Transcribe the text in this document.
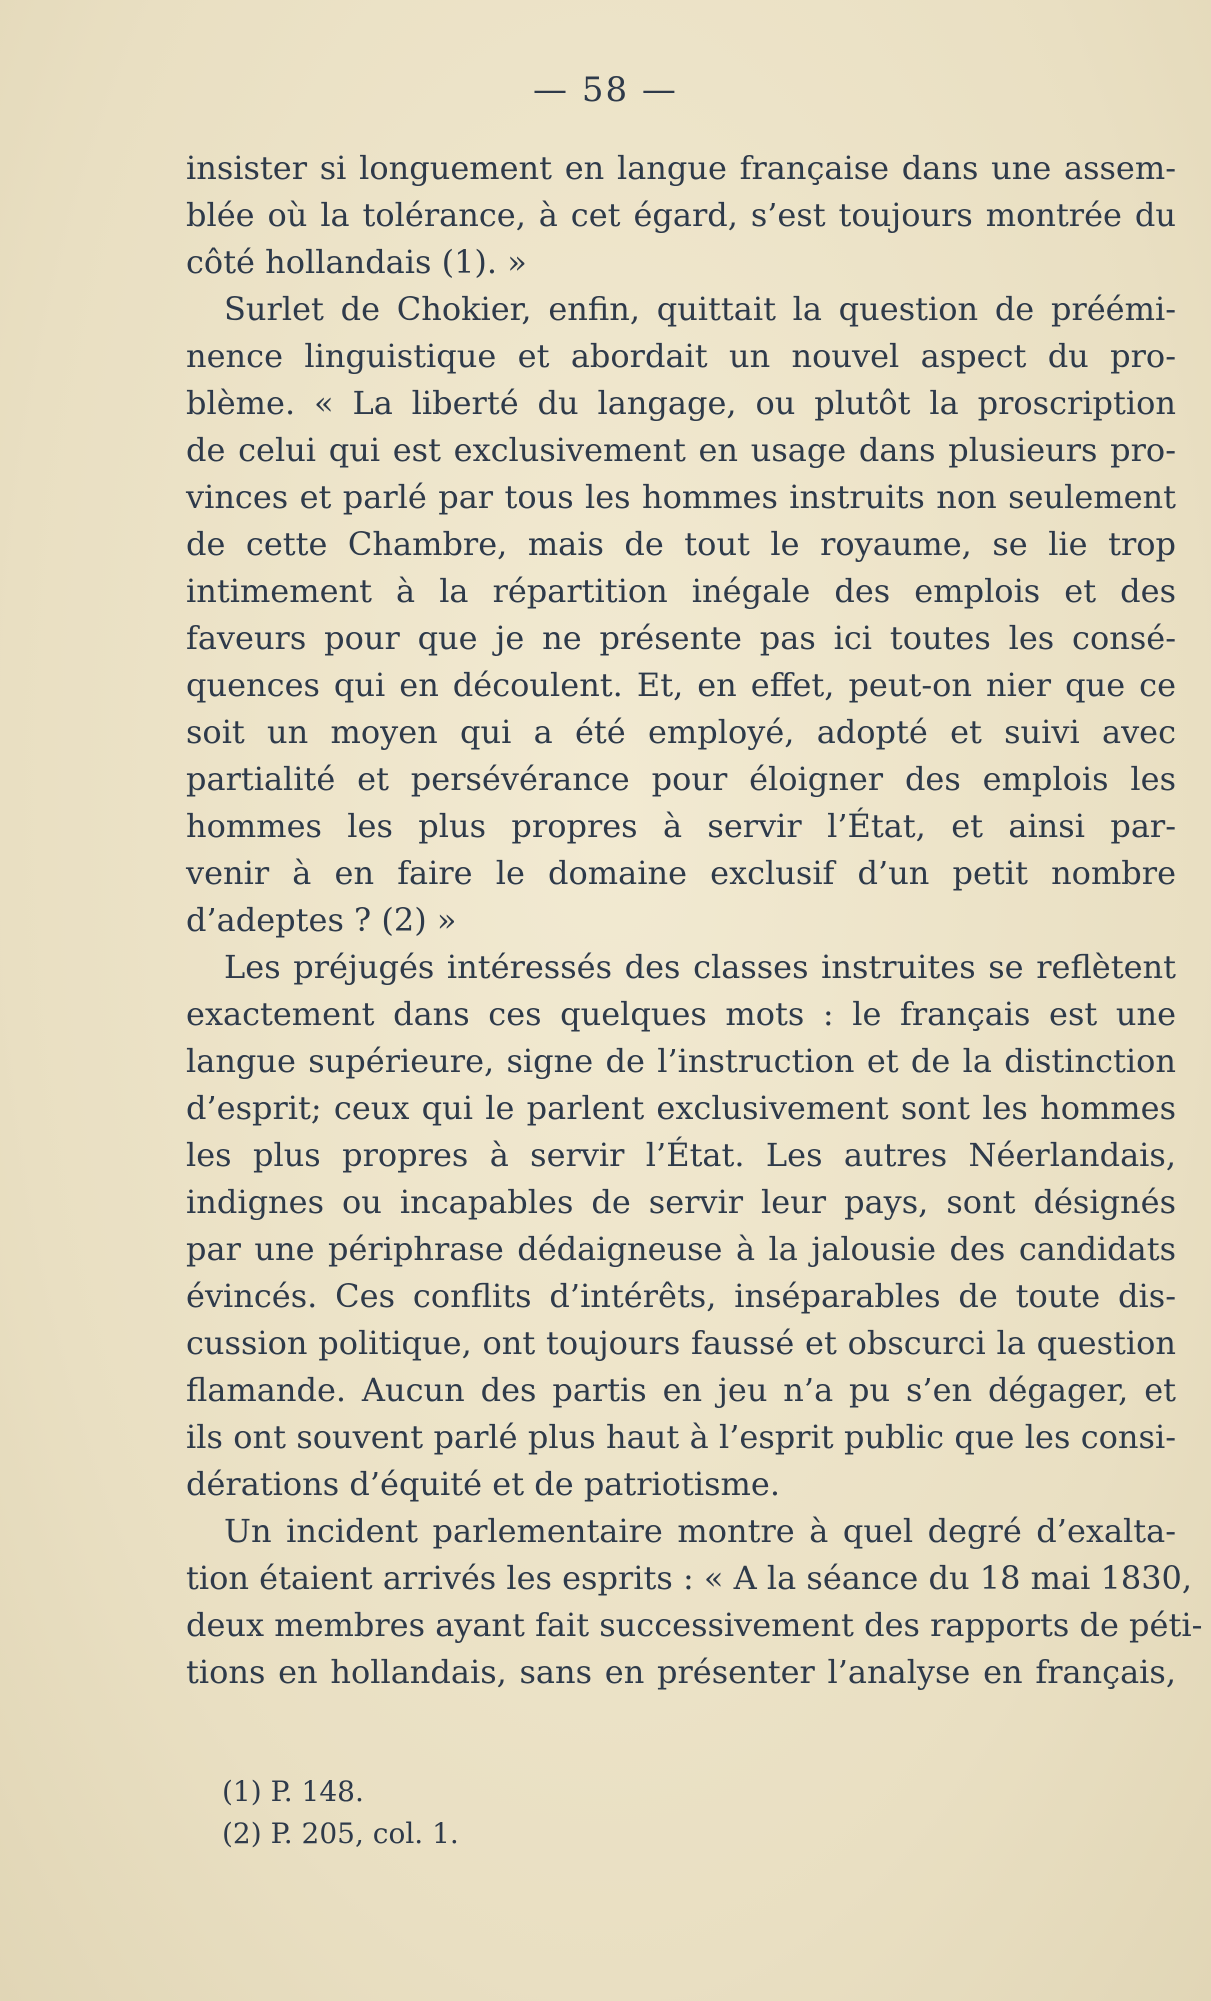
— 58 —

insister si longuement en langue française dans une assem-
blée où la tolérance, à cet égard, s’est toujours montrée du
côté hollandais (1). »
Surlet de Chokier, enfin, quittait la question de préémi-
nence linguistique et abordait un nouvel aspect du pro-
blème. « La liberté du langage, ou plutôt la proscription
de celui qui est exclusivement en usage dans plusieurs pro-
vinces et parlé par tous les hommes instruits non seulement
de cette Chambre, mais de tout le royaume, se lie trop
intimement à la répartition inégale des emplois et des
faveurs pour que je ne présente pas ici toutes les consé-
quences qui en découlent. Et, en effet, peut-on nier que ce
soit un moyen qui a été employé, adopté et suivi avec
partialité et persévérance pour éloigner des emplois les
hommes les plus propres à servir l’État, et ainsi par-
venir à en faire le domaine exclusif d’un petit nombre
d’adeptes ? (2) »
Les préjugés intéressés des classes instruites se reflètent
exactement dans ces quelques mots : le français est une
langue supérieure, signe de l’instruction et de la distinction
d’esprit; ceux qui le parlent exclusivement sont les hommes
les plus propres à servir l’État. Les autres Néerlandais,
indignes ou incapables de servir leur pays, sont désignés
par une périphrase dédaigneuse à la jalousie des candidats
évincés. Ces conflits d’intérêts, inséparables de toute dis-
cussion politique, ont toujours faussé et obscurci la question
flamande. Aucun des partis en jeu n’a pu s’en dégager, et
ils ont souvent parlé plus haut à l’esprit public que les consi-
dérations d’équité et de patriotisme.
Un incident parlementaire montre à quel degré d’exalta-
tion étaient arrivés les esprits : « A la séance du 18 mai 1830,
deux membres ayant fait successivement des rapports de péti-
tions en hollandais, sans en présenter l’analyse en français,

(1) P. 148.
(2) P. 205, col. 1.
